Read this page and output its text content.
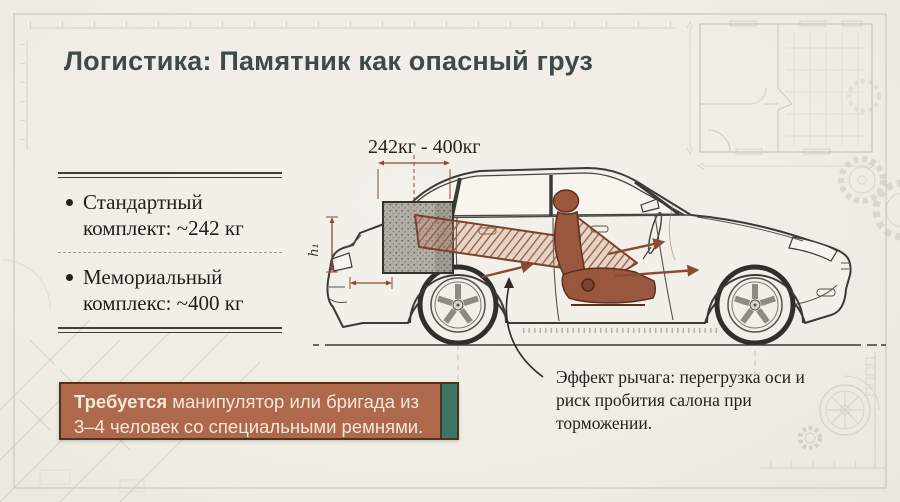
Логистика: Памятник как опасный груз
Стандартный комплект: ~242 кг
Мемориальный комплекс: ~400 кг
h₁
242кг - 400кг
Эффект рычага: перегрузка оси и риск пробития салона при торможении.
Требуется манипулятор или бригада из 3–4 человек со специальными ремнями.
